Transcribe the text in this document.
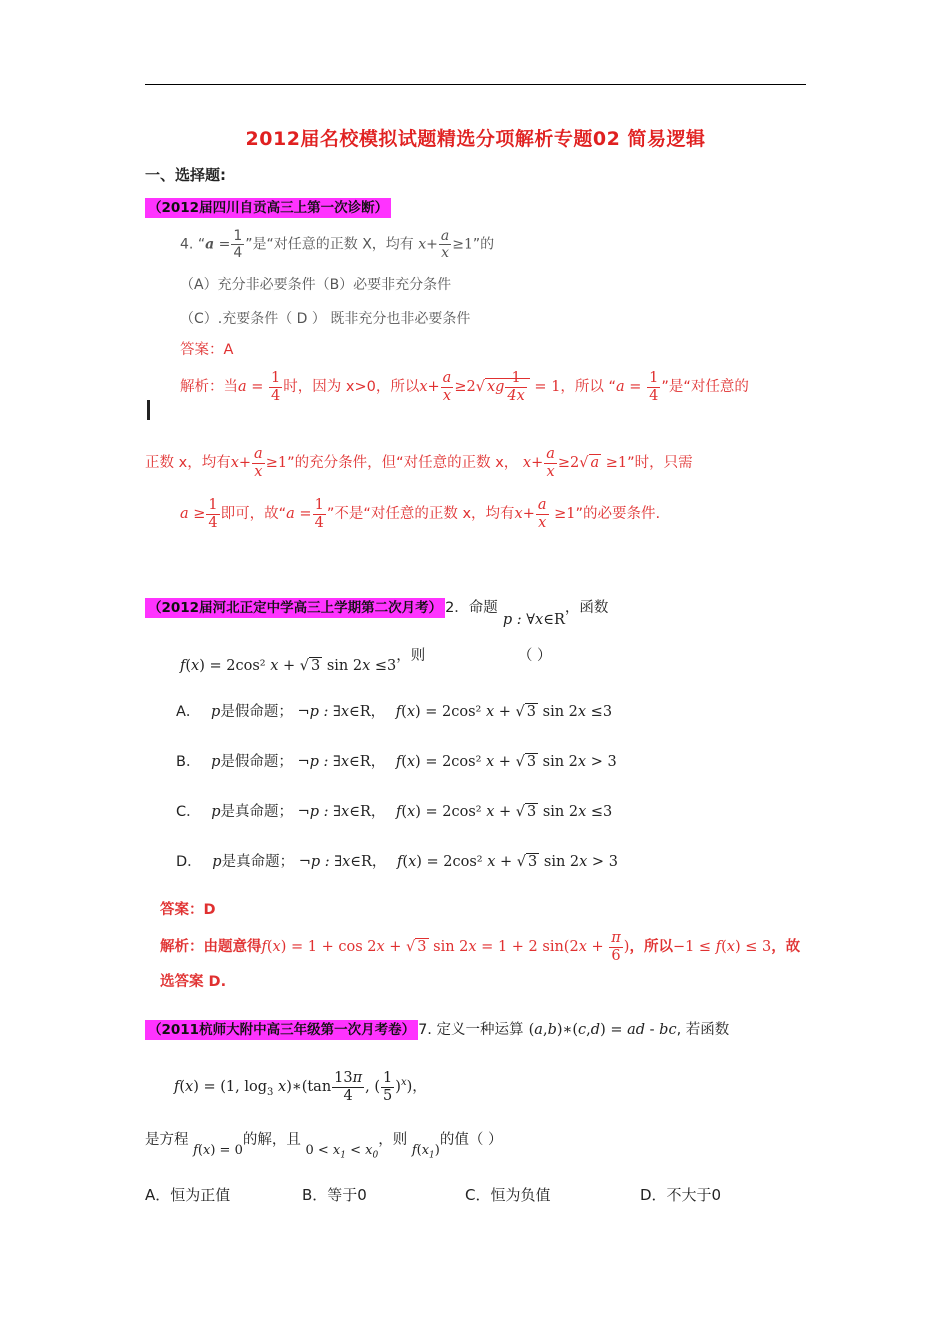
2012届名校模拟试题精选分项解析专题02 简易逻辑
一、选择题:
（2012届四川自贡高三上第一次诊断）
4. “$a = \frac{1}{4}$ ”是“对任意的正数 X，均有 $x+ \frac{a}{x} \ge 1$”的
（A）充分非必要条件（B）必要非充分条件
（C）.充要条件（ D ） 既非充分也非必要条件
答案：A
解析：当$a = \frac{1}{4}$ 时，因为 x>0，所以$x+ \frac{a}{x} \ge 2√$ xg $\frac{1}{4x} = 1$，所以 “$a = \frac{1}{4}$ ”是“对任意的
正数 x，均有$x+ \frac{a}{x} \ge 1$”的充分条件，但“对任意的正数 x， $x+ \frac{a}{x} \ge 2√$ a ≥1”时，只需
$a \ge \frac{1}{4}$ 即可，故“$a = \frac{1}{4}$ ”不是“对任意的正数 x，均有$x+ \frac{a}{x} \ge 1$”的必要条件.
（2012届河北正定中学高三上学期第二次月考） 2．命题 p : ∀x∈R，函数
f(x) = 2cos² x + √ 3 sin 2x ≤3，则	（ ）
A． p是假命题； ¬p : ∃x∈R， f(x) = 2cos² x + √ 3 sin 2x ≤3
B． p是假命题； ¬p : ∃x∈R， f(x) = 2cos² x + √ 3 sin 2x > 3
C． p是真命题； ¬p : ∃x∈R， f(x) = 2cos² x + √ 3 sin 2x ≤3
D． p是真命题； ¬p : ∃x∈R， f(x) = 2cos² x + √ 3 sin 2x > 3
答案：D
解析：由题意得f(x) = 1 + cos 2x + √ 3 sin 2x = 1 + 2 $\sin(2x + \frac{\pi}{6}$ )，所以−1 ≤ f(x) ≤ 3，故
选答案 D.
（2011杭师大附中高三年级第一次月考卷） 7. 定义一种运算 (a,b)∗(c,d) = ad - bc, 若函数
f(x) = (1, $\log_3$ x)∗(tan $\frac{13\pi}{4}$ , ( $\frac{1}{5} )^x$)，
是方程 f(x) = 0的解，且 $0 < x_1 < x_0$，则 $f(x_1)$的值（ ）
A．恒为正值	B．等于0	C．恒为负值	D．不大于0
